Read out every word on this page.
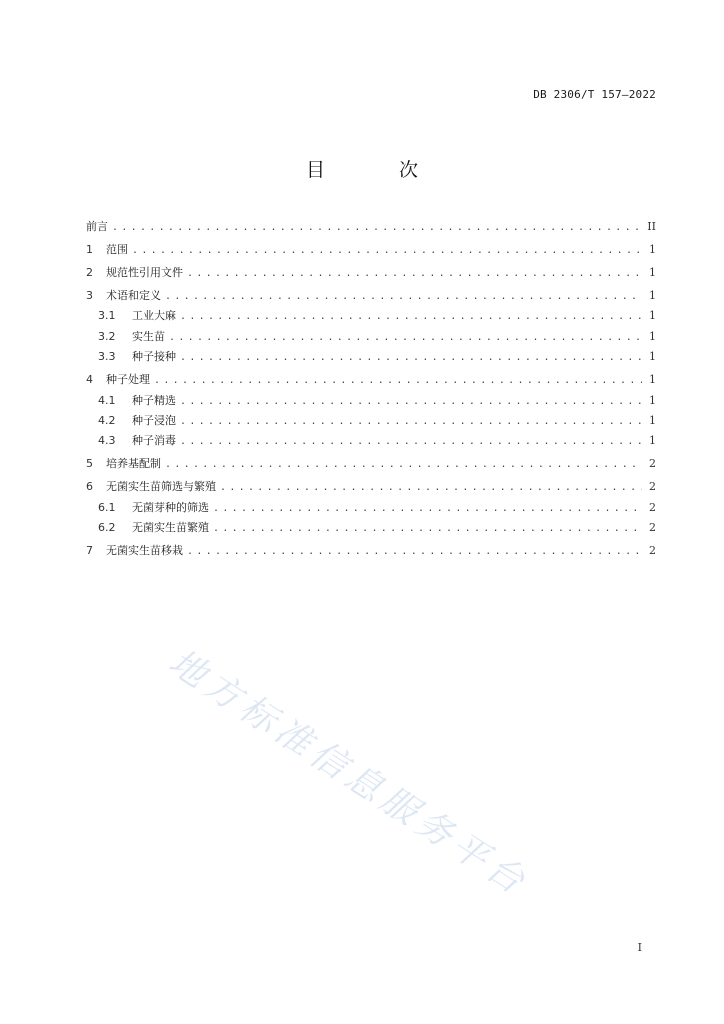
DB 2306/T 157—2022
目 次
前言 .....	II
1	范围 .....	1
2	规范性引用文件 .....	1
3	术语和定义 .....	1
3.1	工业大麻 .....	1
3.2	实生苗 .....	1
3.3	种子接种 .....	1
4	种子处理 .....	1
4.1	种子精选 .....	1
4.2	种子浸泡 .....	1
4.3	种子消毒 .....	1
5	培养基配制 .....	2
6	无菌实生苗筛选与繁殖 .....	2
6.1	无菌芽种的筛选 .....	2
6.2	无菌实生苗繁殖 .....	2
7	无菌实生苗移栽 .....	2
地方标准信息服务平台
I
